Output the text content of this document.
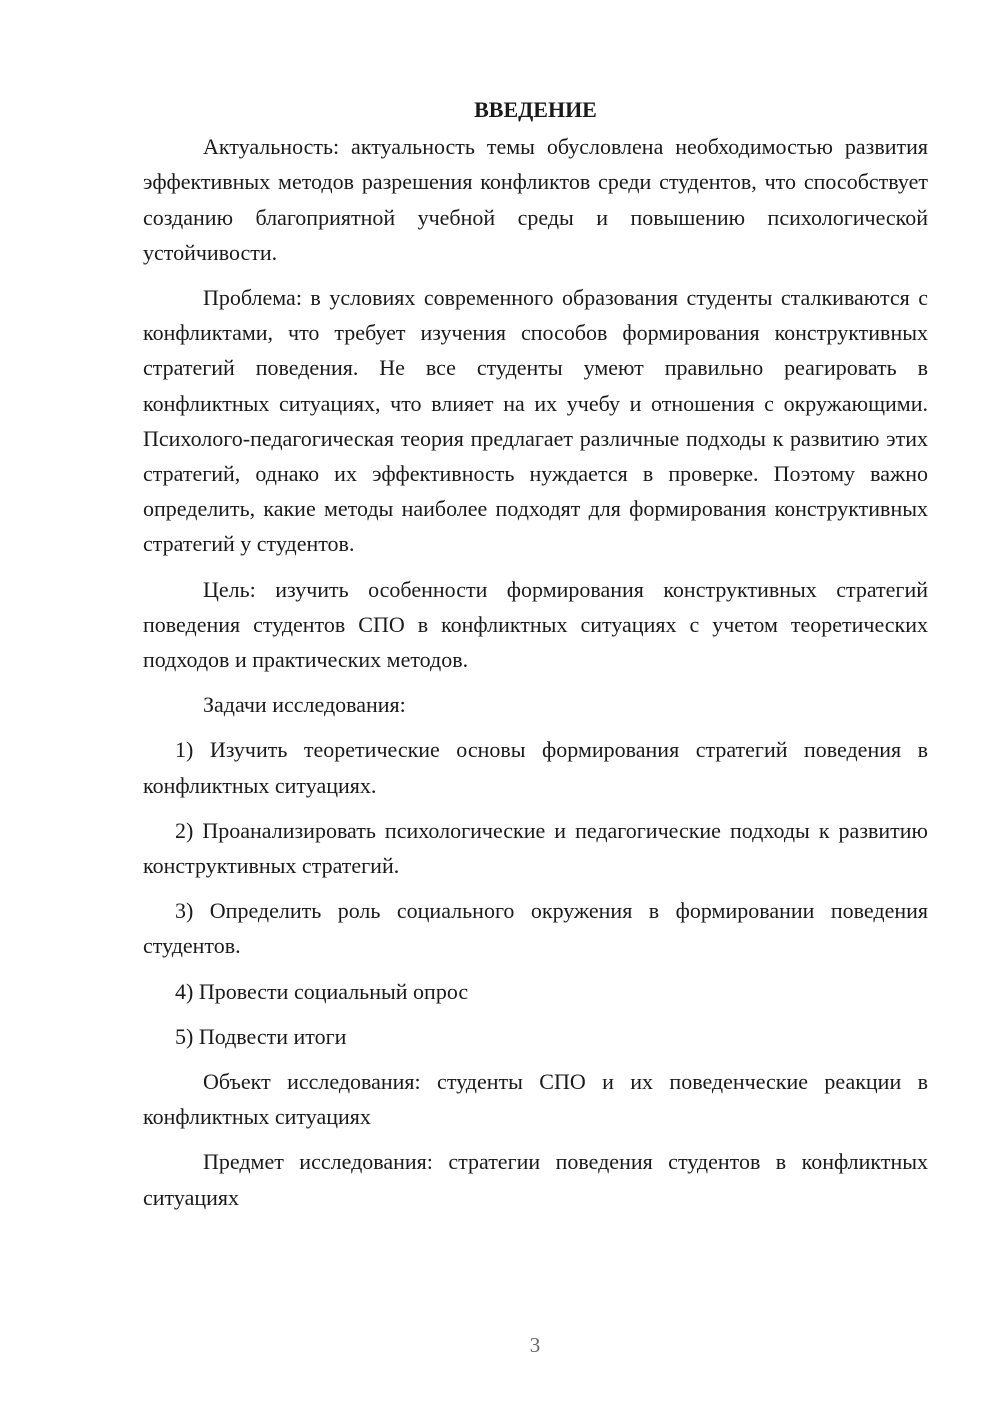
ВВЕДЕНИЕ

Актуальность: актуальность темы обусловлена необходимостью развития эффективных методов разрешения конфликтов среди студентов, что способствует созданию благоприятной учебной среды и повышению психологической устойчивости.

Проблема: в условиях современного образования студенты сталкиваются с конфликтами, что требует изучения способов формирования конструктивных стратегий поведения. Не все студенты умеют правильно реагировать в конфликтных ситуациях, что влияет на их учебу и отношения с окружающими. Психолого-педагогическая теория предлагает различные подходы к развитию этих стратегий, однако их эффективность нуждается в проверке. Поэтому важно определить, какие методы наиболее подходят для формирования конструктивных стратегий у студентов.

Цель: изучить особенности формирования конструктивных стратегий поведения студентов СПО в конфликтных ситуациях с учетом теоретических подходов и практических методов.

Задачи исследования:

1) Изучить теоретические основы формирования стратегий поведения в конфликтных ситуациях.

2) Проанализировать психологические и педагогические подходы к развитию конструктивных стратегий.

3) Определить роль социального окружения в формировании поведения студентов.

4) Провести социальный опрос

5) Подвести итоги

Объект исследования: студенты СПО и их поведенческие реакции в конфликтных ситуациях

Предмет исследования: стратегии поведения студентов в конфликтных ситуациях

3
